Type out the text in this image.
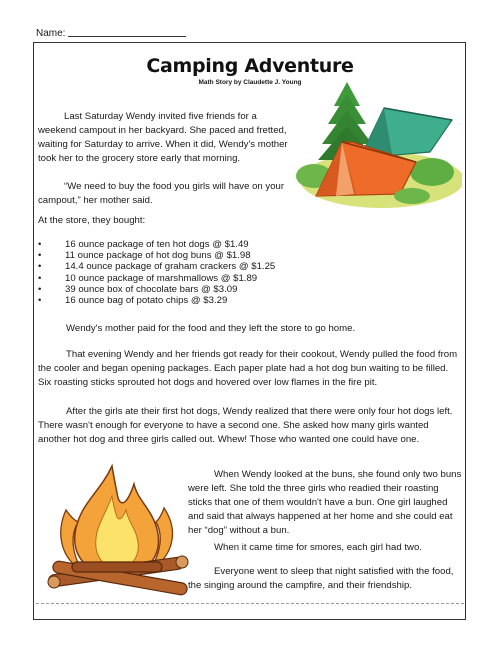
Name:
Camping Adventure
Math Story by Claudette J. Young

Last Saturday Wendy invited five friends for a weekend campout in her backyard. She paced and fretted, waiting for Saturday to arrive. When it did, Wendy's mother took her to the grocery store early that morning.

“We need to buy the food you girls will have on your campout,” her mother said.

At the store, they bought:

• 16 ounce package of ten hot dogs @ $1.49
• 11 ounce package of hot dog buns @ $1.98
• 14.4 ounce package of graham crackers @ $1.25
• 10 ounce package of marshmallows @ $1.89
• 39 ounce box of chocolate bars @ $3.09
• 16 ounce bag of potato chips @ $3.29

Wendy's mother paid for the food and they left the store to go home.

That evening Wendy and her friends got ready for their cookout, Wendy pulled the food from the cooler and began opening packages. Each paper plate had a hot dog bun waiting to be filled. Six roasting sticks sprouted hot dogs and hovered over low flames in the fire pit.

After the girls ate their first hot dogs, Wendy realized that there were only four hot dogs left. There wasn't enough for everyone to have a second one. She asked how many girls wanted another hot dog and three girls called out. Whew! Those who wanted one could have one.

When Wendy looked at the buns, she found only two buns were left. She told the three girls who readied their roasting sticks that one of them wouldn't have a bun. One girl laughed and said that always happened at her home and she could eat her “dog” without a bun.

When it came time for smores, each girl had two.

Everyone went to sleep that night satisfied with the food, the singing around the campfire, and their friendship.
